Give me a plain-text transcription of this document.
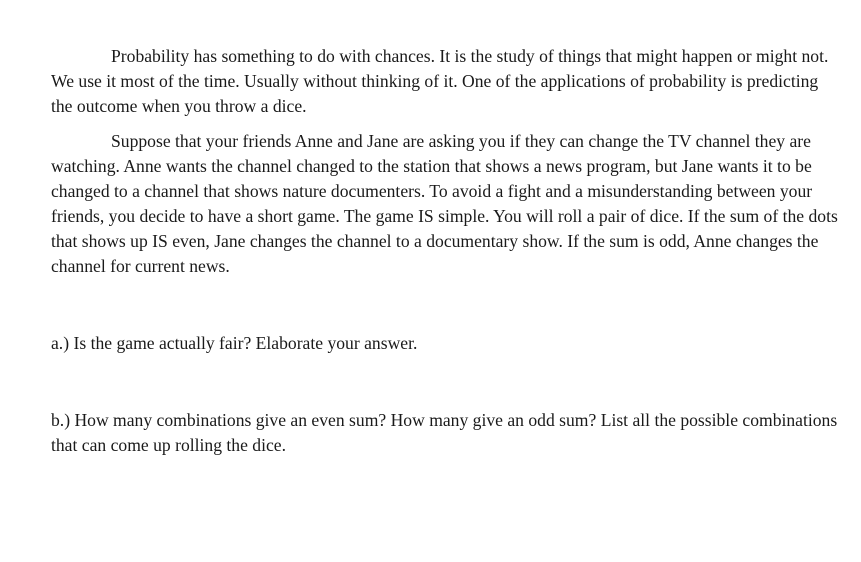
Probability has something to do with chances. It is the study of things that might happen or might not. We use it most of the time. Usually without thinking of it. One of the applications of probability is predicting the outcome when you throw a dice.

Suppose that your friends Anne and Jane are asking you if they can change the TV channel they are watching. Anne wants the channel changed to the station that shows a news program, but Jane wants it to be changed to a channel that shows nature documenters. To avoid a fight and a misunderstanding between your friends, you decide to have a short game. The game IS simple. You will roll a pair of dice. If the sum of the dots that shows up IS even, Jane changes the channel to a documentary show. If the sum is odd, Anne changes the channel for current news.

a.) Is the game actually fair? Elaborate your answer.

b.) How many combinations give an even sum? How many give an odd sum? List all the possible combinations that can come up rolling the dice.
